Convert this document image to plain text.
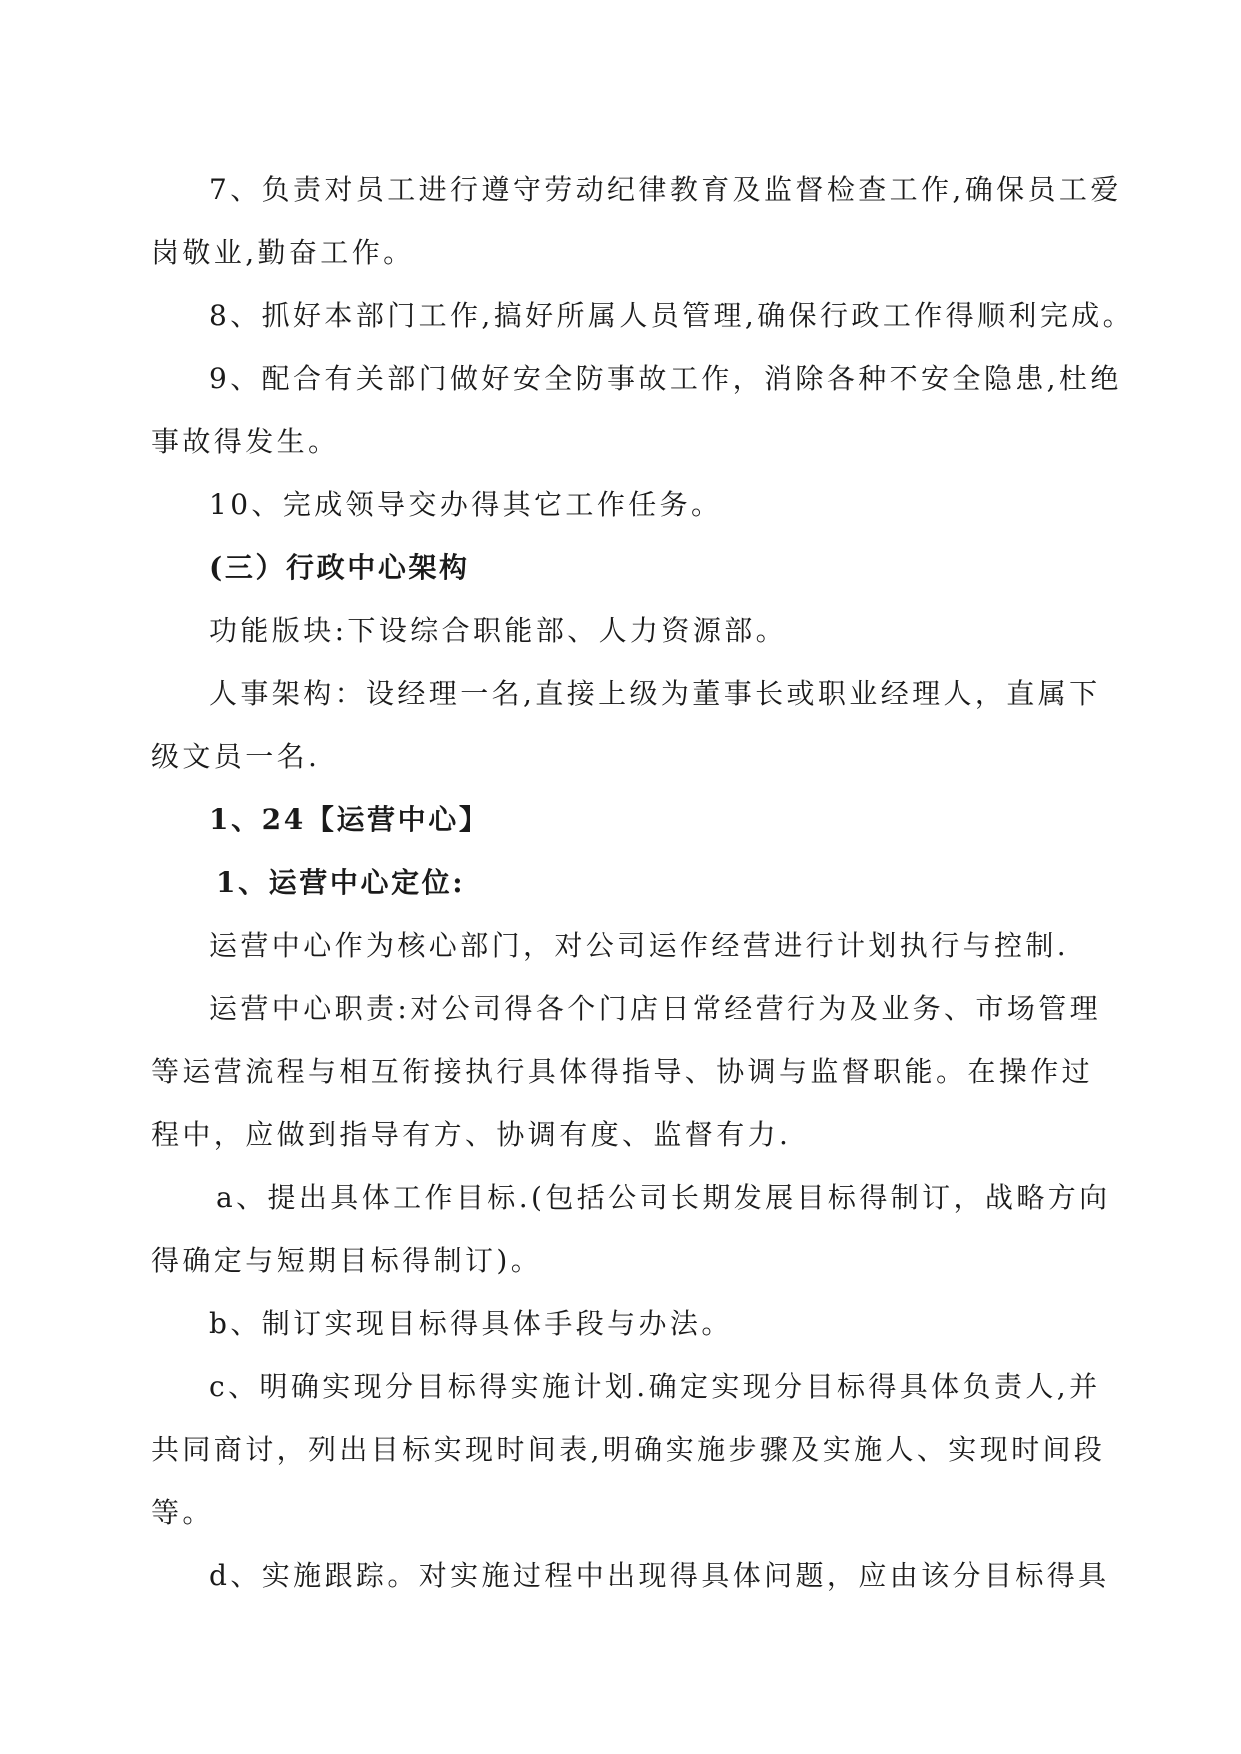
7、负责对员工进行遵守劳动纪律教育及监督检查工作,确保员工爱
岗敬业,勤奋工作。
8、抓好本部门工作,搞好所属人员管理,确保行政工作得顺利完成。
9、配合有关部门做好安全防事故工作，消除各种不安全隐患,杜绝
事故得发生。
10、完成领导交办得其它工作任务。
(三）行政中心架构
功能版块:下设综合职能部、人力资源部。
人事架构：设经理一名,直接上级为董事长或职业经理人，直属下
级文员一名.
1、24【运营中心】
1、运营中心定位:
运营中心作为核心部门，对公司运作经营进行计划执行与控制.
运营中心职责:对公司得各个门店日常经营行为及业务、市场管理
等运营流程与相互衔接执行具体得指导、协调与监督职能。在操作过
程中，应做到指导有方、协调有度、监督有力.
a、提出具体工作目标.(包括公司长期发展目标得制订，战略方向
得确定与短期目标得制订)。
b、制订实现目标得具体手段与办法。
c、明确实现分目标得实施计划.确定实现分目标得具体负责人,并
共同商讨，列出目标实现时间表,明确实施步骤及实施人、实现时间段
等。
d、实施跟踪。对实施过程中出现得具体问题，应由该分目标得具
